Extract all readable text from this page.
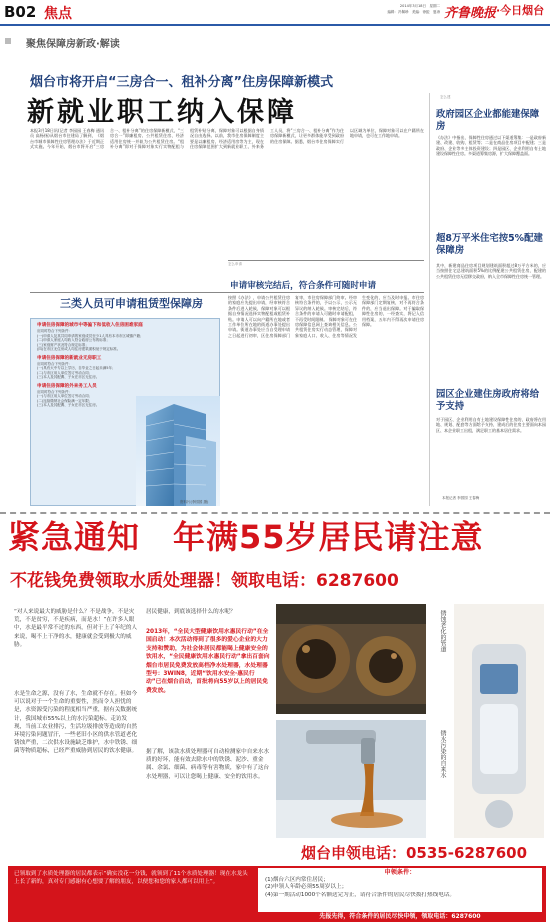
B02 焦点	2014年3月18日　星期二
编辑：冯佩珍　美编：徐振　夏涛 齐鲁晚报 ·今日烟台
聚焦保障房新政·解读
烟台市将开启“三房合一、租补分离”住房保障新模式
新就业职工纳入保障
本报3月18日讯(记者 李园园 王春梅 通讯员 高杨扬)从烟台市住建局了解到，《烟台市城市保障性住房管理办法》于近期正式实施。今年开始，烟台市将开启“三房合一、租补分离”的住房保障新模式，“三房合一”即廉租房、公共租赁住房、经济适用住房统一并轨为公共租赁住房。“租补分离”即对于保障对象实行实物配租与租赁补贴分离，保障对象可以根据自身情况自由选择。以前，我市住房保障制度主要是以廉租房、经济适用房等为主，现在住房保障范围扩大到新就业职工、外来务工人员，将“三房合一、租补分离”作为住房保障新模式，让更多群体能享受到政府的住房保障。据悉，烟台市住房保障实行以区域为单位，保障对象可以在户籍所在地申请，也可在工作地申请。
三类人员可申请租赁型保障房
申请住房保障的城市中等偏下和低收入住房困难家庭
应同时符合下列条件：
(一)申请人及其共同申请的家庭成员至少1人具有本市市区城镇户籍；
(二)申请人家庭人均收入符合政府公布的标准；
(三)家庭财产状况符合规定标准；
(四)在市区无住房或人均住房建筑面积低于规定标准。
申请住房保障的新就业无房职工
应同时符合下列条件：
(一)具有大中专以上学历，自毕业之日起未满5年；
(二)与市区用人单位签订劳动合同；
(三)本人及其配偶、子女在市区无住房。
申请住房保障的外来务工人员
应同时符合下列条件：
(一)与市区用人单位签订劳动合同；
(二)连续缴纳社会保险满一定年限；
(三)本人及其配偶、子女在市区无住房。
资料片(李园园 摄)
怎么申请
申请审核完结后，符合条件可随时申请
按照《办法》，申请公共租赁住房的家庭应先提出申请，经审核符合条件后进入轮候，保障对象可以根据自身情况选择实物配租或租赁补贴。申请人可以向户籍所在地或者工作单位所在地的街道办事处提出申请。街道办事处应当自受理申请之日起进行初审，区住房保障部门复审，市住房保障部门终审。经审核符合条件的，予以公示，公示无异议的纳入轮候。审核完结后，符合条件的申请人可随时申请配租，不再受时间限制。 保障对象可在住房保障信息网上查询相关信息。公共租赁住房实行动态管理，保障对象家庭人口、收入、住房等情况发生变化的，应当及时申报。市住房保障部门定期复核，对不再符合条件的，应当退出保障。对于骗取保障性住房的，一经查实，将记入信用档案，五年内不得再次申请住房保障。
怎么建
政府园区企业都能建保障房
《办法》中指出，保障性住房通过以下渠道筹集：一是政府新建、改建、收购、租赁等；二是在商品住房项目中配建；三是政府、企业等多主体投资建设；四是园区、企业利用自有土地建设保障性住房。多渠道筹集房源，扩大保障覆盖面。
超8万平米住宅按5%配建保障房
其中，新建商品住房项目规划建筑面积超过8万平方米的，应当按照住宅总建筑面积5%的比例配建公共租赁住房，配建的公共租赁住房无偿移交政府，纳入全市保障性住房统一管理。
园区企业建住房政府将给予支持
对于园区、企业利用自有土地建设保障性住房的，政府将在用地、规划、配套等方面给予支持，建成后的住房主要面向本园区、本企业职工出租，满足职工的基本居住需求。
本报记者 李园园 王春梅
紧急通知　年满55岁居民请注意
不花钱免费领取水质处理器！领取电话：6287600
“对人来说最大的威胁是什么？不是战争，不是灾荒，不是贫穷，不是疾病，而是水！”在许多人眼中，水是最平常不过的东西，但对于上了年纪的人来说，喝不上干净的水，健康就会受到极大的威胁。
水是生命之源，没有了水，生命就不存在。但如今可以说对于一个生命的重要性，然而令人担忧的是，水资源受污染的程度相当严重，据有关数据统计，我国城市55%以上的水污染超标。走访发现，当前工农业排污，生活垃圾排放等造成的自然环境污染问题冒汗，一些老旧小区的供水管道老化锈蚀严重，二次供水设施缺乏维护，水中铁锈、细菌等物质超标，已经严重威胁到居民的饮水健康。
居民健康，到底该选择什么的水呢？
2013年，“全民大型健康饮用水惠民行动”在全国启动！本次活动得到了很多的爱心企业的大力支持和赞助，为社会体居民都能喝上健康安全的饮用水，“全民健康饮用水惠民行动”拿出百套向烟台市居民免费发放高档净水处理器，水处理器型号：3WIN8，近期“饮用水安全·惠民行动”已在烟台启动，首批将向55岁以上的居民免费发放。
据了解，该款水质处理器可自动检测家中自来水水质的好坏，能有效去除水中的铁锈、泥沙、重金属、余氯、细菌、病毒等有害物质，家中有了这台水处理器，可以让您喝上健康、安全的饮用水。
锈蚀老化的管道
锈水污染的自来水
烟台申领电话：0535-6287600
已领取到了水质处理器的居民都表示“确实没花一分钱，就领到了11个水质处理器！现在水龙头上长了新的，真对专门感谢有心想要了解的朋友，以便您和您的家人都可以用上”。
申领条件：
(1)烟台六区内常住居民；
(2)申领人年龄必须55周岁以上；
(4)第一期活动1000个名额送完为止，请符合条件的居民尽快拨打热线电话。
先报先得，符合条件的居民尽快申领，领取电话：6287600
